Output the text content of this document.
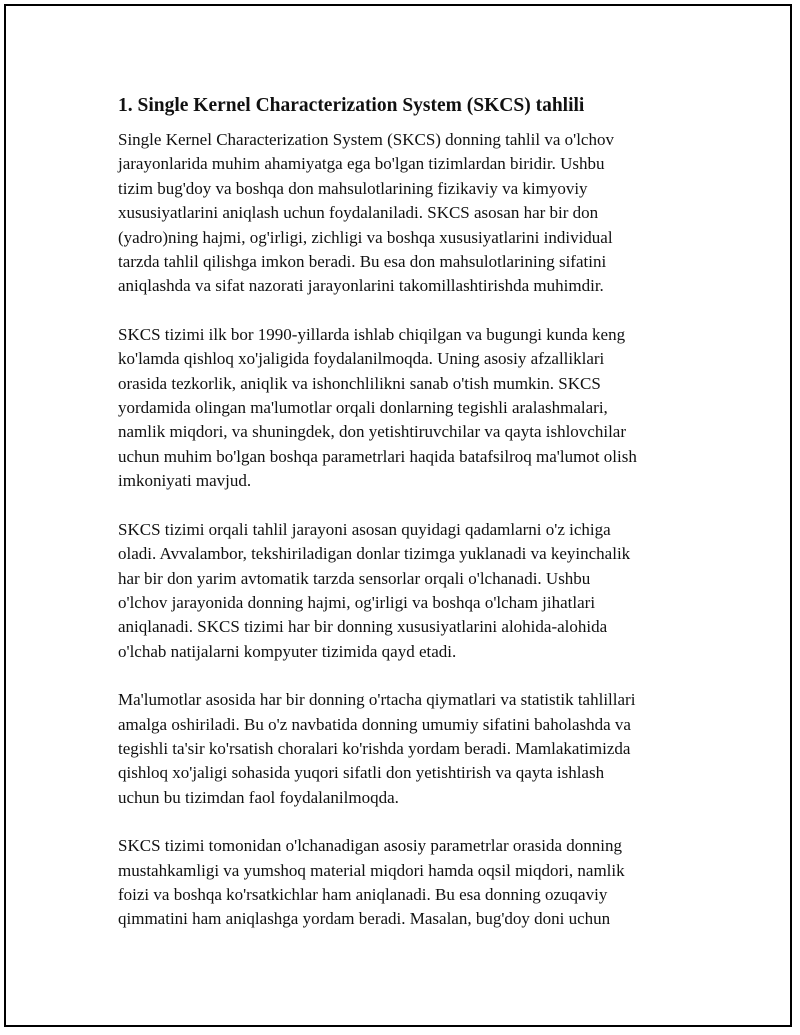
1. Single Kernel Characterization System (SKCS) tahlili

Single Kernel Characterization System (SKCS) donning tahlil va o'lchov
jarayonlarida muhim ahamiyatga ega bo'lgan tizimlardan biridir. Ushbu
tizim bug'doy va boshqa don mahsulotlarining fizikaviy va kimyoviy
xususiyatlarini aniqlash uchun foydalaniladi. SKCS asosan har bir don
(yadro)ning hajmi, og'irligi, zichligi va boshqa xususiyatlarini individual
tarzda tahlil qilishga imkon beradi. Bu esa don mahsulotlarining sifatini
aniqlashda va sifat nazorati jarayonlarini takomillashtirishda muhimdir.

SKCS tizimi ilk bor 1990-yillarda ishlab chiqilgan va bugungi kunda keng
ko'lamda qishloq xo'jaligida foydalanilmoqda. Uning asosiy afzalliklari
orasida tezkorlik, aniqlik va ishonchlilikni sanab o'tish mumkin. SKCS
yordamida olingan ma'lumotlar orqali donlarning tegishli aralashmalari,
namlik miqdori, va shuningdek, don yetishtiruvchilar va qayta ishlovchilar
uchun muhim bo'lgan boshqa parametrlari haqida batafsilroq ma'lumot olish
imkoniyati mavjud.

SKCS tizimi orqali tahlil jarayoni asosan quyidagi qadamlarni o'z ichiga
oladi. Avvalambor, tekshiriladigan donlar tizimga yuklanadi va keyinchalik
har bir don yarim avtomatik tarzda sensorlar orqali o'lchanadi. Ushbu
o'lchov jarayonida donning hajmi, og'irligi va boshqa o'lcham jihatlari
aniqlanadi. SKCS tizimi har bir donning xususiyatlarini alohida-alohida
o'lchab natijalarni kompyuter tizimida qayd etadi.

Ma'lumotlar asosida har bir donning o'rtacha qiymatlari va statistik tahlillari
amalga oshiriladi. Bu o'z navbatida donning umumiy sifatini baholashda va
tegishli ta'sir ko'rsatish choralari ko'rishda yordam beradi. Mamlakatimizda
qishloq xo'jaligi sohasida yuqori sifatli don yetishtirish va qayta ishlash
uchun bu tizimdan faol foydalanilmoqda.

SKCS tizimi tomonidan o'lchanadigan asosiy parametrlar orasida donning
mustahkamligi va yumshoq material miqdori hamda oqsil miqdori, namlik
foizi va boshqa ko'rsatkichlar ham aniqlanadi. Bu esa donning ozuqaviy
qimmatini ham aniqlashga yordam beradi. Masalan, bug'doy doni uchun
